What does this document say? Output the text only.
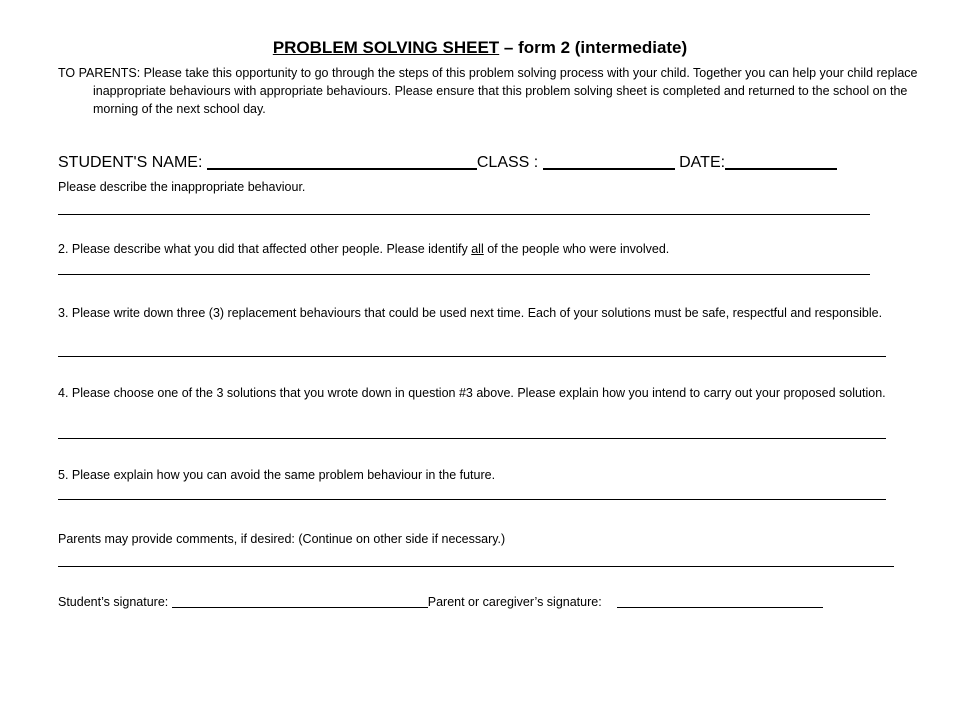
PROBLEM SOLVING SHEET – form 2 (intermediate)
TO PARENTS: Please take this opportunity to go through the steps of this problem solving process with your child. Together you can help your child replace inappropriate behaviours with appropriate behaviours. Please ensure that this problem solving sheet is completed and returned to the school on the morning of the next school day.
STUDENT'S NAME:	CLASS :	DATE:
Please describe the inappropriate behaviour.
2. Please describe what you did that affected other people. Please identify all of the people who were involved.
3. Please write down three (3) replacement behaviours that could be used next time. Each of your solutions must be safe, respectful and responsible.
4. Please choose one of the 3 solutions that you wrote down in question #3 above. Please explain how you intend to carry out your proposed solution.
5. Please explain how you can avoid the same problem behaviour in the future.
Parents may provide comments, if desired: (Continue on other side if necessary.)
Student’s signature:	Parent or caregiver’s signature:
